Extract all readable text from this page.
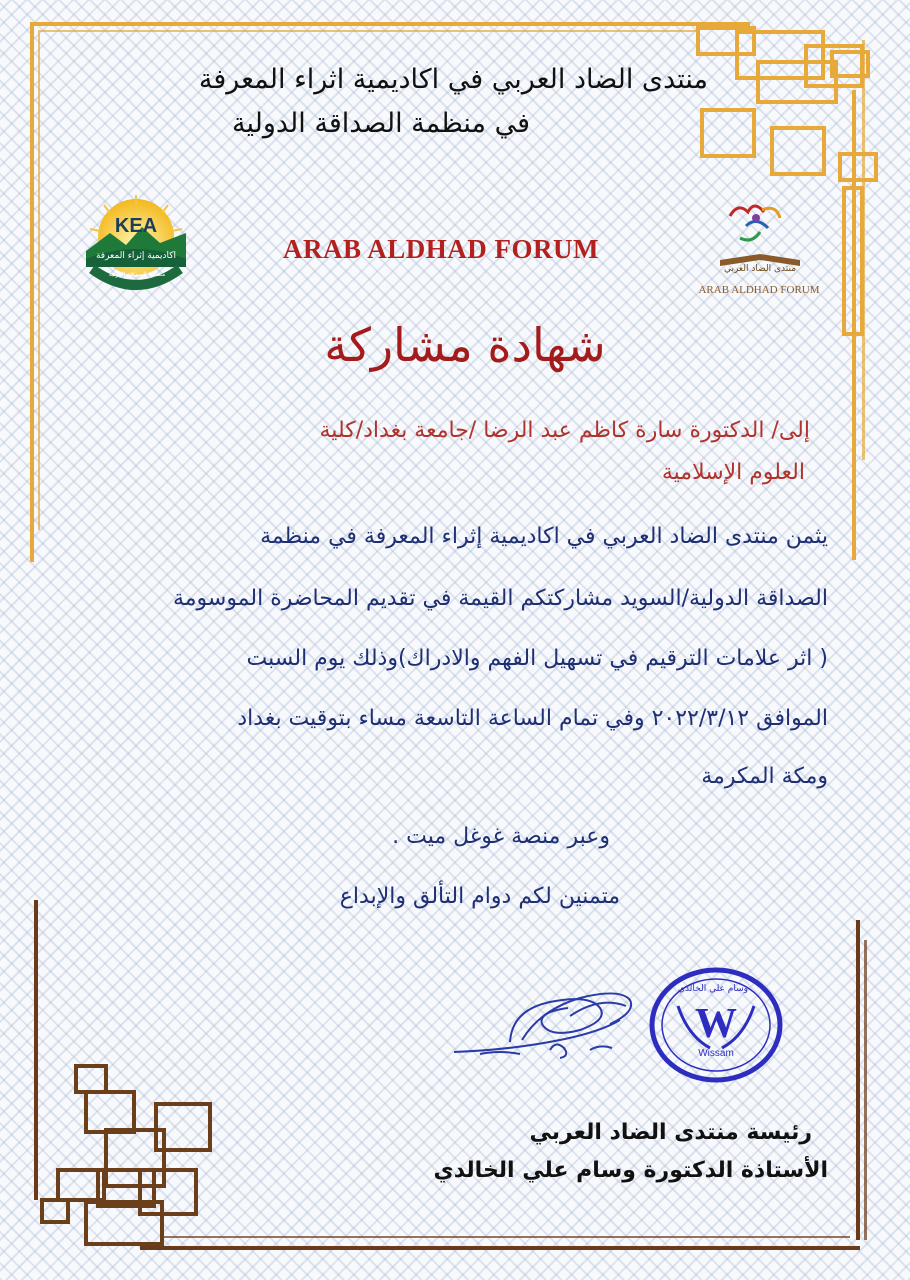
منتدى الضاد العربي في اكاديمية اثراء المعرفة
في منظمة الصداقة الدولية
KEA
اكاديمية إثراء المعرفة
منظمة الصداقة الدولية
ARAB ALDHAD FORUM
منتدى الضاد العربي
ARAB ALDHAD FORUM
شهادة مشاركة
إلى/ الدكتورة سارة كاظم عبد الرضا /جامعة بغداد/كلية
العلوم الإسلامية
يثمن منتدى الضاد العربي في اكاديمية إثراء المعرفة في منظمة
الصداقة الدولية/السويد مشاركتكم القيمة في تقديم المحاضرة الموسومة
( اثر علامات الترقيم في تسهيل الفهم والادراك)وذلك يوم السبت
الموافق ٢٠٢٢/٣/١٢ وفي تمام الساعة التاسعة مساء بتوقيت بغداد
ومكة المكرمة
وعبر منصة غوغل ميت .
متمنين لكم دوام التألق والإبداع
وسام علي الخالدي
W
Wissam
رئيسة منتدى الضاد العربي
الأستاذة الدكتورة وسام علي الخالدي
